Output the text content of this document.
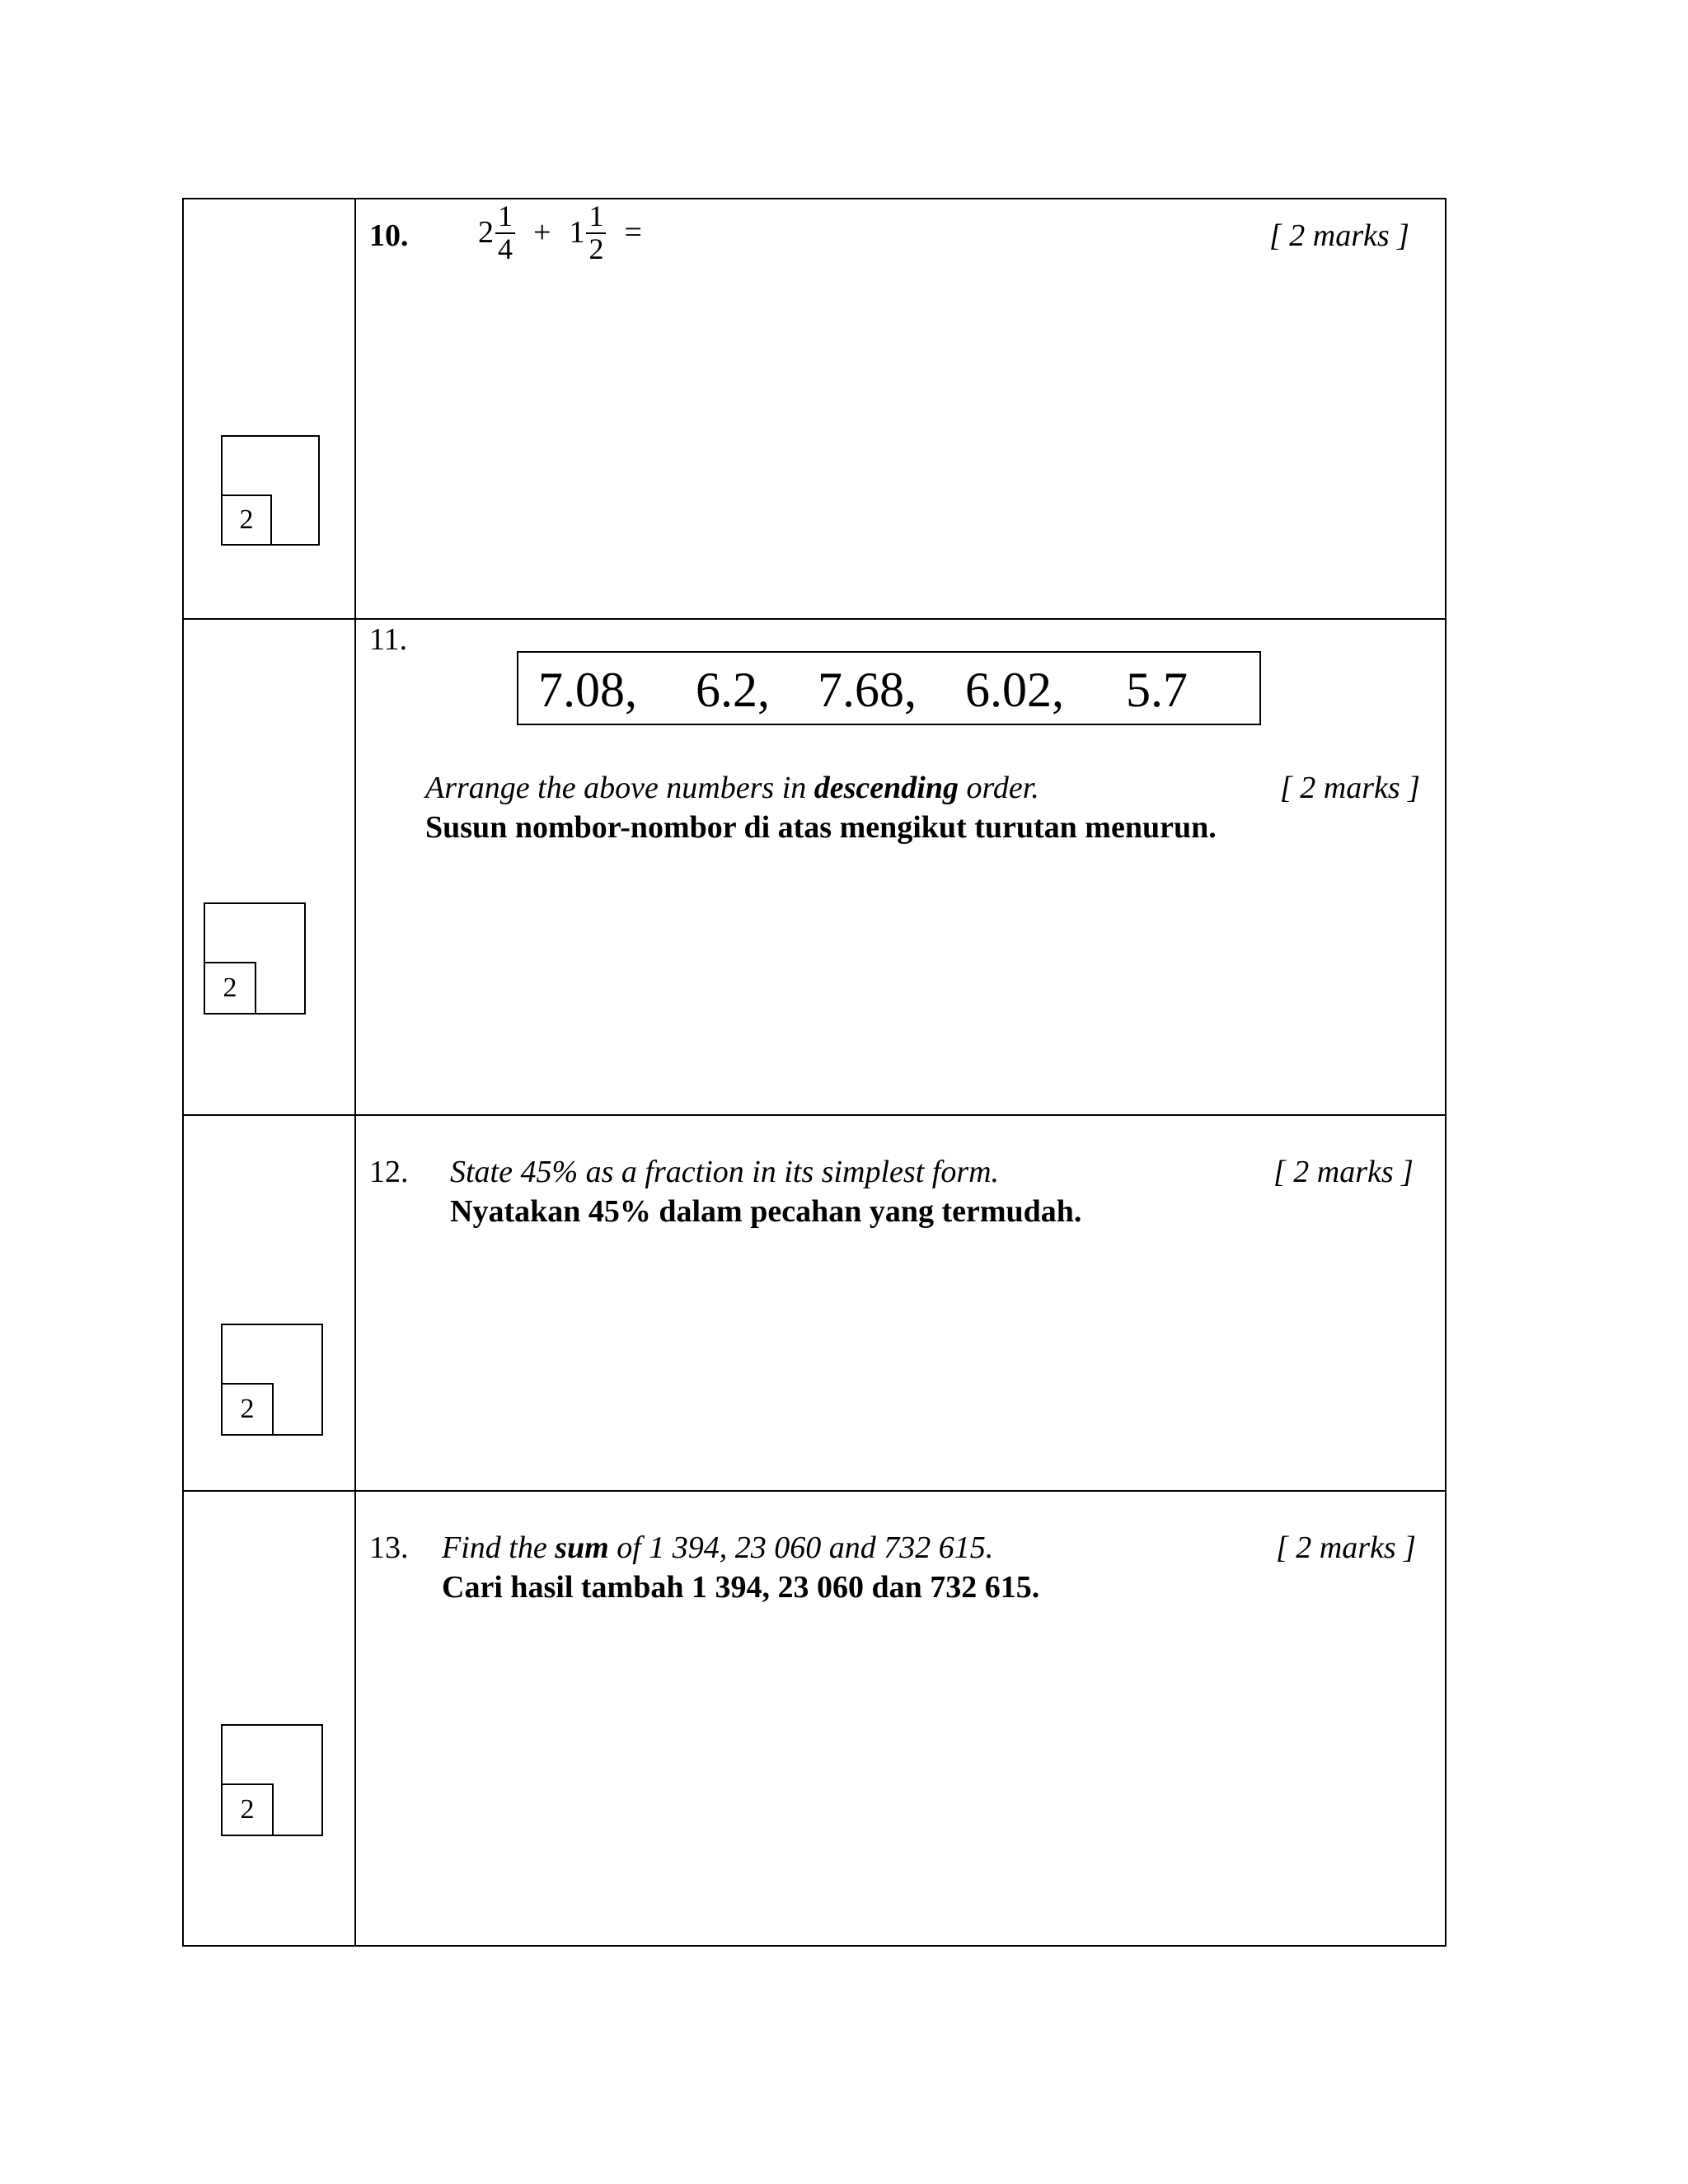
10. $2 \frac{1}{4} + 1 \frac{1}{2}$ =	[ 2 marks ]
2
11.
7.08, 6.2, 7.68, 6.02, 5.7
Arrange the above numbers in descending order.
Susun nombor-nombor di atas mengikut turutan menurun.
[ 2 marks ]
2
12. State 45% as a fraction in its simplest form.
Nyatakan 45% dalam pecahan yang termudah.
[ 2 marks ]
2
13. Find the sum of 1 394, 23 060 and 732 615.
Cari hasil tambah 1 394, 23 060 dan 732 615.
[ 2 marks ]
2
